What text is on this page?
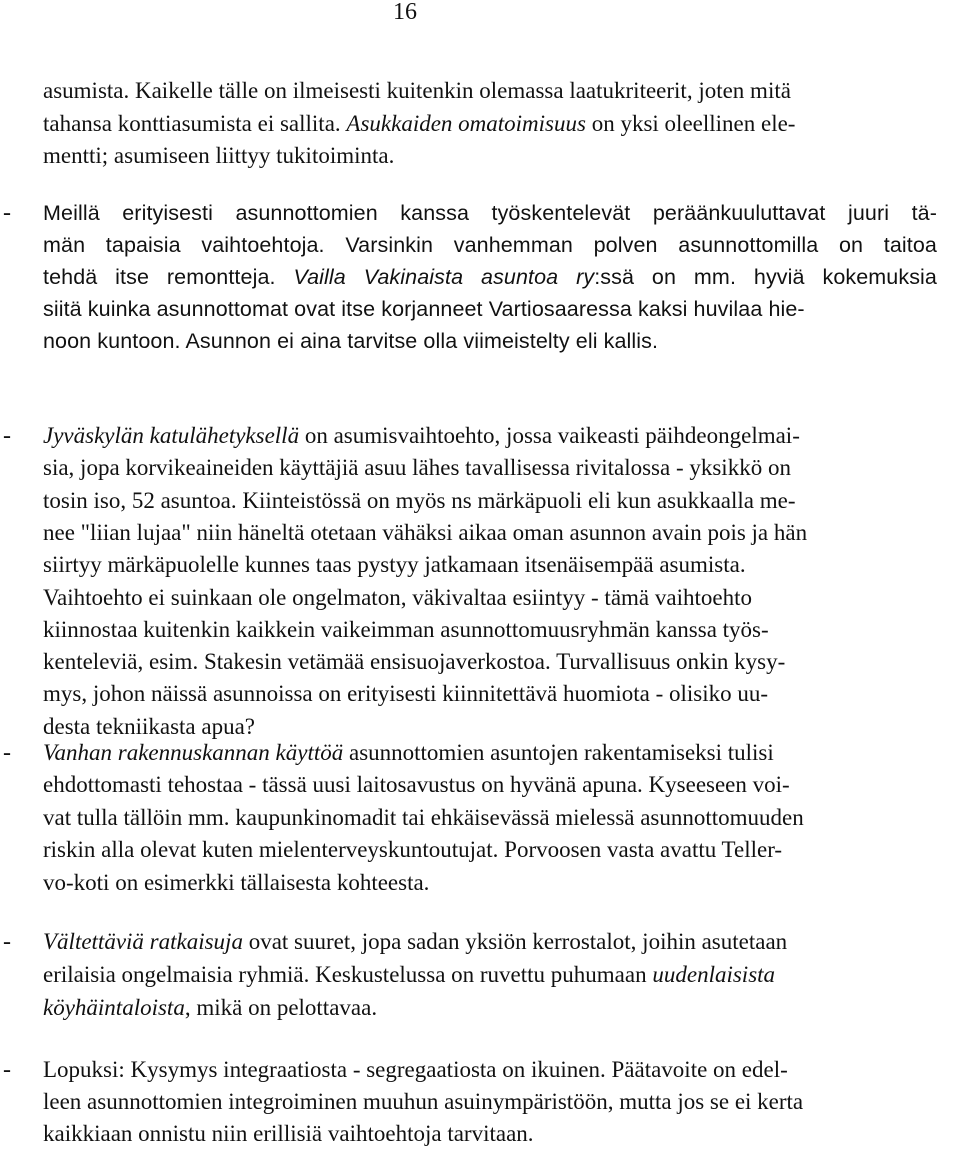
16
asumista. Kaikelle tälle on ilmeisesti kuitenkin olemassa laatukriteerit, joten mitä
tahansa konttiasumista ei sallita. Asukkaiden omatoimisuus on yksi oleellinen ele-
mentti; asumiseen liittyy tukitoiminta.
- Meillä erityisesti asunnottomien kanssa työskentelevät peräänkuuluttavat juuri tä-
män tapaisia vaihtoehtoja. Varsinkin vanhemman polven asunnottomilla on taitoa
tehdä itse remontteja. Vailla Vakinaista asuntoa ry:ssä on mm. hyviä kokemuksia
siitä kuinka asunnottomat ovat itse korjanneet Vartiosaaressa kaksi huvilaa hie-
noon kuntoon. Asunnon ei aina tarvitse olla viimeistelty eli kallis.
- Jyväskylän katulähetyksellä on asumisvaihtoehto, jossa vaikeasti päihdeongelmai-
sia, jopa korvikeaineiden käyttäjiä asuu lähes tavallisessa rivitalossa - yksikkö on
tosin iso, 52 asuntoa. Kiinteistössä on myös ns märkäpuoli eli kun asukkaalla me-
nee "liian lujaa" niin häneltä otetaan vähäksi aikaa oman asunnon avain pois ja hän
siirtyy märkäpuolelle kunnes taas pystyy jatkamaan itsenäisempää asumista.
Vaihtoehto ei suinkaan ole ongelmaton, väkivaltaa esiintyy - tämä vaihtoehto
kiinnostaa kuitenkin kaikkein vaikeimman asunnottomuusryhmän kanssa työs-
kenteleviä, esim. Stakesin vetämää ensisuojaverkostoa. Turvallisuus onkin kysy-
mys, johon näissä asunnoissa on erityisesti kiinnitettävä huomiota - olisiko uu-
desta tekniikasta apua?
- Vanhan rakennuskannan käyttöä asunnottomien asuntojen rakentamiseksi tulisi
ehdottomasti tehostaa - tässä uusi laitosavustus on hyvänä apuna. Kyseeseen voi-
vat tulla tällöin mm. kaupunkinomadit tai ehkäisevässä mielessä asunnottomuuden
riskin alla olevat kuten mielenterveyskuntoutujat. Porvoosen vasta avattu Teller-
vo-koti on esimerkki tällaisesta kohteesta.
- Vältettäviä ratkaisuja ovat suuret, jopa sadan yksiön kerrostalot, joihin asutetaan
erilaisia ongelmaisia ryhmiä. Keskustelussa on ruvettu puhumaan uudenlaisista
köyhäintaloista, mikä on pelottavaa.
- Lopuksi: Kysymys integraatiosta - segregaatiosta on ikuinen. Päätavoite on edel-
leen asunnottomien integroiminen muuhun asuinympäristöön, mutta jos se ei kerta
kaikkiaan onnistu niin erillisiä vaihtoehtoja tarvitaan.
